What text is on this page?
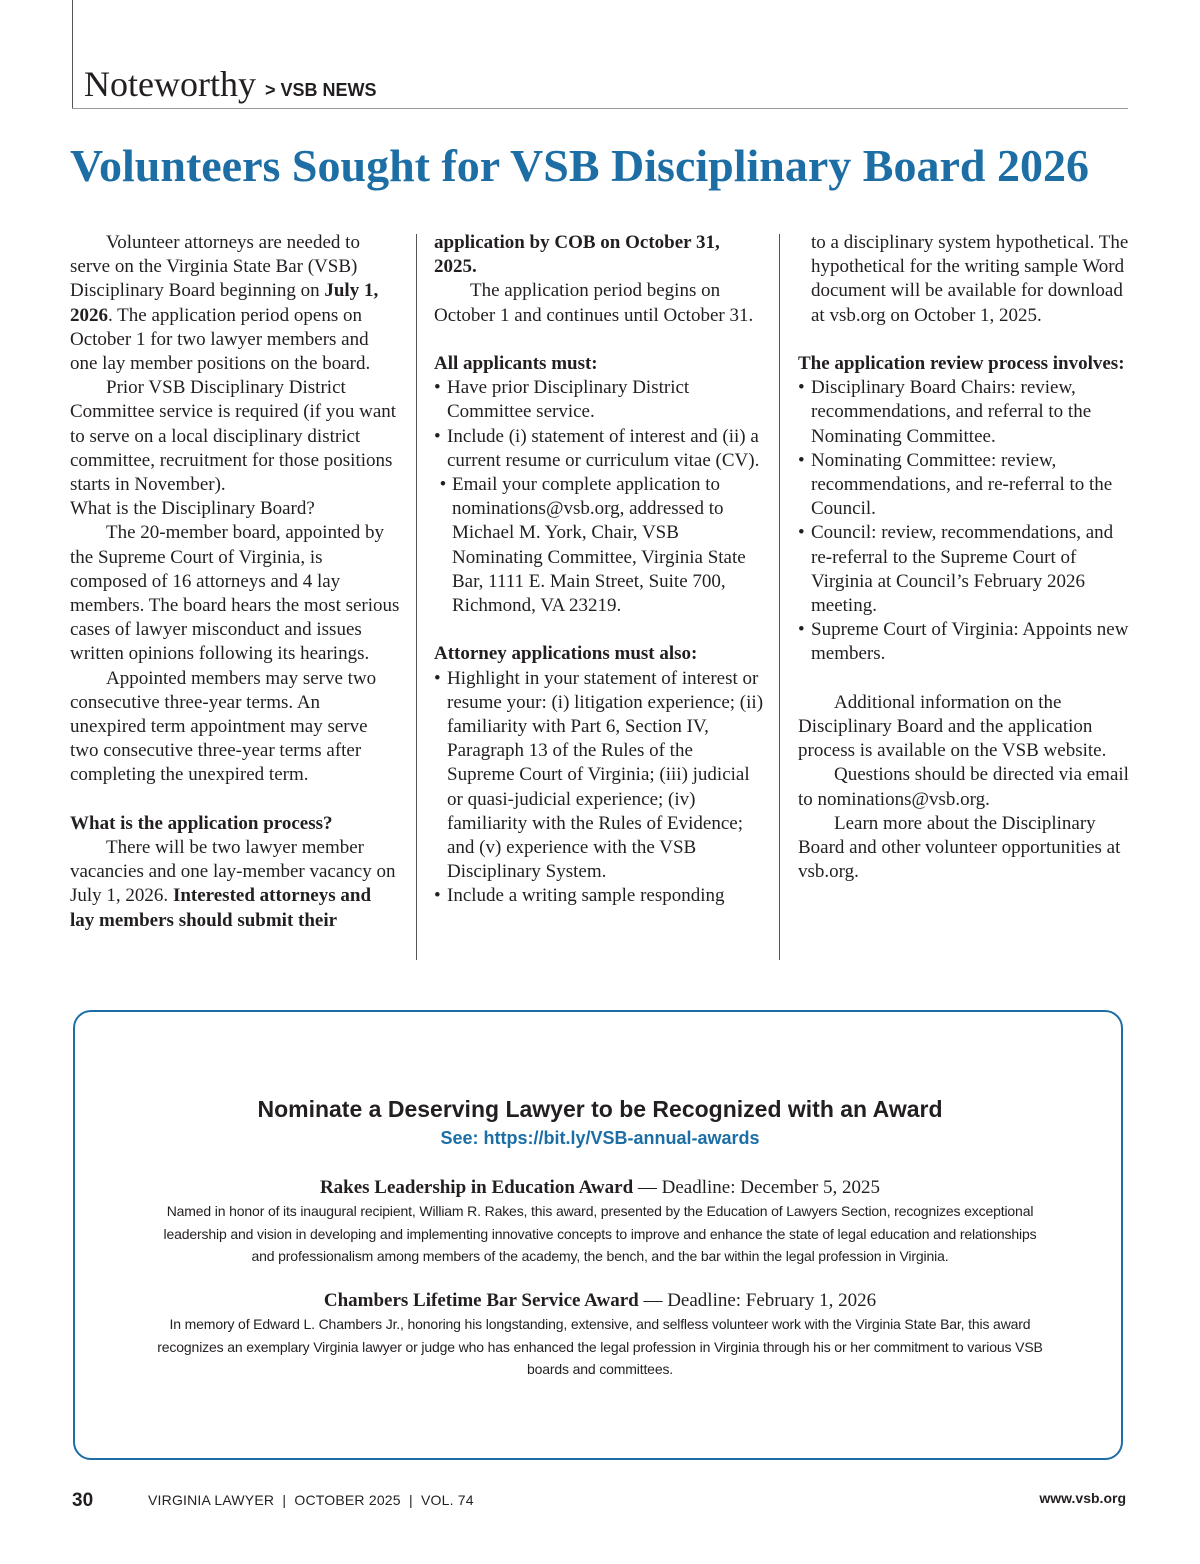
Noteworthy > VSB NEWS
Volunteers Sought for VSB Disciplinary Board 2026

Volunteer attorneys are needed to serve on the Virginia State Bar (VSB) Disciplinary Board beginning on July 1, 2026. The application period opens on October 1 for two lawyer members and one lay member positions on the board.

Prior VSB Disciplinary District Committee service is required (if you want to serve on a local disciplinary district committee, recruitment for those positions starts in November).

What is the Disciplinary Board?

The 20-member board, appointed by the Supreme Court of Virginia, is composed of 16 attorneys and 4 lay members. The board hears the most serious cases of lawyer misconduct and issues written opinions following its hearings.

Appointed members may serve two consecutive three-year terms. An unexpired term appointment may serve two consecutive three-year terms after completing the unexpired term.

What is the application process?

There will be two lawyer member vacancies and one lay-member vacancy on July 1, 2026. Interested attorneys and lay members should submit their

application by COB on October 31, 2025.

The application period begins on October 1 and continues until October 31.

All applicants must:

• Have prior Disciplinary District Committee service.
• Include (i) statement of interest and (ii) a current resume or curriculum vitae (CV).
• Email your complete application to nominations@vsb.org, addressed to Michael M. York, Chair, VSB Nominating Committee, Virginia State Bar, 1111 E. Main Street, Suite 700, Richmond, VA 23219.

Attorney applications must also:

• Highlight in your statement of interest or resume your: (i) litigation experience; (ii) familiarity with Part 6, Section IV, Paragraph 13 of the Rules of the Supreme Court of Virginia; (iii) judicial or quasi-judicial experience; (iv) familiarity with the Rules of Evidence; and (v) experience with the VSB Disciplinary System.
• Include a writing sample responding

to a disciplinary system hypothetical. The hypothetical for the writing sample Word document will be available for download at vsb.org on October 1, 2025.

The application review process involves:

• Disciplinary Board Chairs: review, recommendations, and referral to the Nominating Committee.
• Nominating Committee: review, recommendations, and re-referral to the Council.
• Council: review, recommendations, and re-referral to the Supreme Court of Virginia at Council’s February 2026 meeting.
• Supreme Court of Virginia: Appoints new members.

Additional information on the Disciplinary Board and the application process is available on the VSB website.

Questions should be directed via email to nominations@vsb.org.

Learn more about the Disciplinary Board and other volunteer opportunities at vsb.org.

Nominate a Deserving Lawyer to be Recognized with an Award
See: https://bit.ly/VSB-annual-awards
Rakes Leadership in Education Award — Deadline: December 5, 2025

Named in honor of its inaugural recipient, William R. Rakes, this award, presented by the Education of Lawyers Section, recognizes exceptional

leadership and vision in developing and implementing innovative concepts to improve and enhance the state of legal education and relationships

and professionalism among members of the academy, the bench, and the bar within the legal profession in Virginia.

Chambers Lifetime Bar Service Award — Deadline: February 1, 2026

In memory of Edward L. Chambers Jr., honoring his longstanding, extensive, and selfless volunteer work with the Virginia State Bar, this award

recognizes an exemplary Virginia lawyer or judge who has enhanced the legal profession in Virginia through his or her commitment to various VSB

boards and committees.

30	VIRGINIA LAWYER  |  OCTOBER 2025  |  VOL. 74	www.vsb.org
